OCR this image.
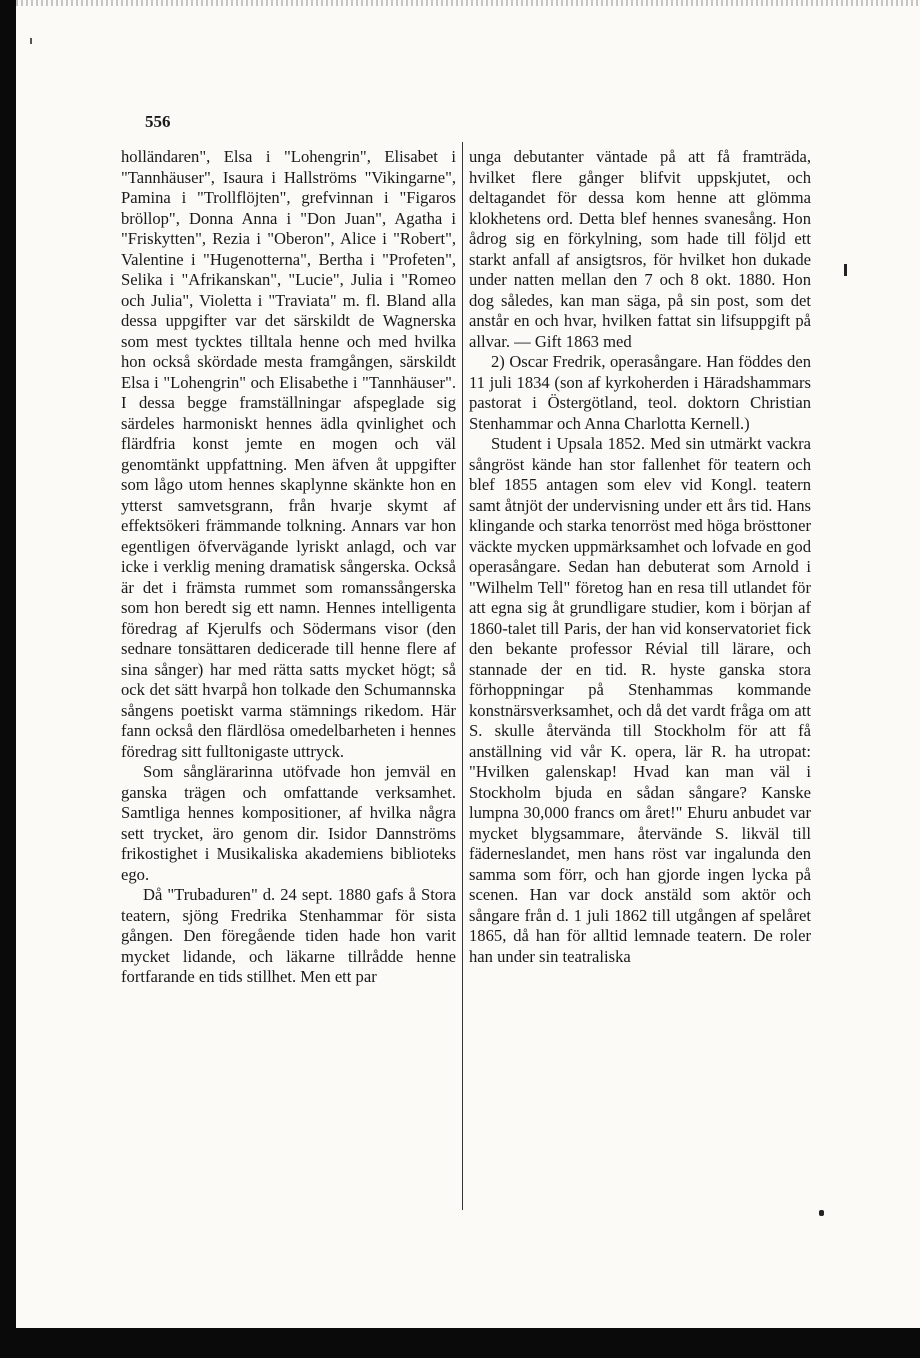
556

holländaren", Elsa i "Lohengrin", Elisabet i "Tannhäuser", Isaura i Hallströms "Vikingarne", Pamina i "Trollflöjten", grefvinnan i "Figaros bröllop", Donna Anna i "Don Juan", Agatha i "Friskytten", Rezia i "Oberon", Alice i "Robert", Valentine i "Hugenotterna", Bertha i "Profeten", Selika i "Afrikanskan", "Lucie", Julia i "Romeo och Julia", Violetta i "Traviata" m. fl. Bland alla dessa uppgifter var det särskildt de Wagnerska som mest tycktes tilltala henne och med hvilka hon också skördade mesta framgången, särskildt Elsa i "Lohengrin" och Elisabethe i "Tannhäuser". I dessa begge framställningar afspeglade sig särdeles harmoniskt hennes ädla qvinlighet och flärdfria konst jemte en mogen och väl genomtänkt uppfattning. Men äfven åt uppgifter som lågo utom hennes skaplynne skänkte hon en ytterst samvetsgrann, från hvarje skymt af effektsökeri främmande tolkning. Annars var hon egentligen öfvervägande lyriskt anlagd, och var icke i verklig mening dramatisk sångerska. Också är det i främsta rummet som romanssångerska som hon beredt sig ett namn. Hennes intelligenta föredrag af Kjerulfs och Södermans visor (den sednare tonsättaren dedicerade till henne flere af sina sånger) har med rätta satts mycket högt; så ock det sätt hvarpå hon tolkade den Schumannska sångens poetiskt varma stämnings rikedom. Här fann också den flärdlösa omedelbarheten i hennes föredrag sitt fulltonigaste uttryck.

Som sånglärarinna utöfvade hon jemväl en ganska trägen och omfattande verksamhet. Samtliga hennes kompositioner, af hvilka några sett trycket, äro genom dir. Isidor Dannströms frikostighet i Musikaliska akademiens biblioteks ego.

Då "Trubaduren" d. 24 sept. 1880 gafs å Stora teatern, sjöng Fredrika Stenhammar för sista gången. Den föregående tiden hade hon varit mycket lidande, och läkarne tillrådde henne fortfarande en tids stillhet. Men ett par

unga debutanter väntade på att få framträda, hvilket flere gånger blifvit uppskjutet, och deltagandet för dessa kom henne att glömma klokhetens ord. Detta blef hennes svanesång. Hon ådrog sig en förkylning, som hade till följd ett starkt anfall af ansigtsros, för hvilket hon dukade under natten mellan den 7 och 8 okt. 1880. Hon dog således, kan man säga, på sin post, som det anstår en och hvar, hvilken fattat sin lifsuppgift på allvar. — Gift 1863 med

2) Oscar Fredrik, operasångare. Han föddes den 11 juli 1834 (son af kyrkoherden i Häradshammars pastorat i Östergötland, teol. doktorn Christian Stenhammar och Anna Charlotta Kernell.)

Student i Upsala 1852. Med sin utmärkt vackra sångröst kände han stor fallenhet för teatern och blef 1855 antagen som elev vid Kongl. teatern samt åtnjöt der undervisning under ett års tid. Hans klingande och starka tenorröst med höga brösttoner väckte mycken uppmärksamhet och lofvade en god operasångare. Sedan han debuterat som Arnold i "Wilhelm Tell" företog han en resa till utlandet för att egna sig åt grundligare studier, kom i början af 1860-talet till Paris, der han vid konservatoriet fick den bekante professor Révial till lärare, och stannade der en tid. R. hyste ganska stora förhoppningar på Stenhammas kommande konstnärsverksamhet, och då det vardt fråga om att S. skulle återvända till Stockholm för att få anställning vid vår K. opera, lär R. ha utropat: "Hvilken galenskap! Hvad kan man väl i Stockholm bjuda en sådan sångare? Kanske lumpna 30,000 francs om året!" Ehuru anbudet var mycket blygsammare, återvände S. likväl till fäderneslandet, men hans röst var ingalunda den samma som förr, och han gjorde ingen lycka på scenen. Han var dock anstäld som aktör och sångare från d. 1 juli 1862 till utgången af spelåret 1865, då han för alltid lemnade teatern. De roler han under sin teatraliska
